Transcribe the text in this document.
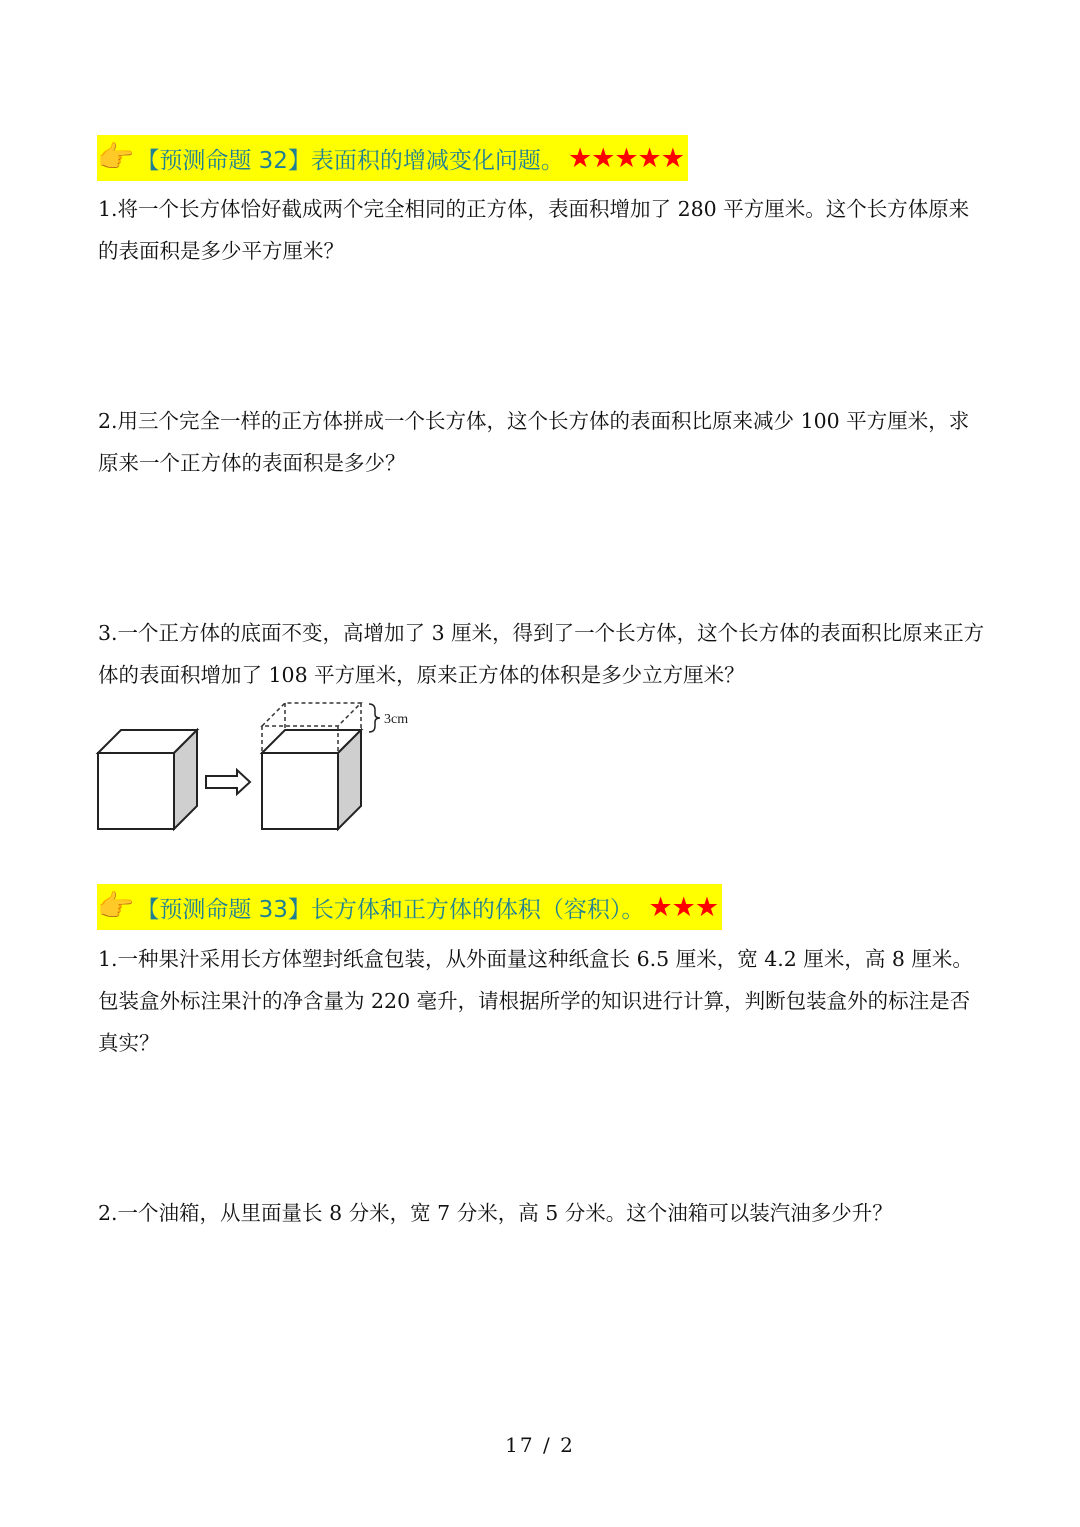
👉 【预测命题 32】表面积的增减变化问题。 ★★★★★

1.将一个长方体恰好截成两个完全相同的正方体，表面积增加了 280 平方厘米。这个长方体原来的表面积是多少平方厘米？

2.用三个完全一样的正方体拼成一个长方体，这个长方体的表面积比原来减少 100 平方厘米，求原来一个正方体的表面积是多少？

3.一个正方体的底面不变，高增加了 3 厘米，得到了一个长方体，这个长方体的表面积比原来正方体的表面积增加了 108 平方厘米，原来正方体的体积是多少立方厘米？

3cm
👉 【预测命题 33】长方体和正方体的体积（容积）。 ★★★

1.一种果汁采用长方体塑封纸盒包装，从外面量这种纸盒长 6.5 厘米，宽 4.2 厘米，高 8 厘米。包装盒外标注果汁的净含量为 220 毫升，请根据所学的知识进行计算，判断包装盒外的标注是否真实？

2.一个油箱，从里面量长 8 分米，宽 7 分米，高 5 分米。这个油箱可以装汽油多少升？

17 / 2
